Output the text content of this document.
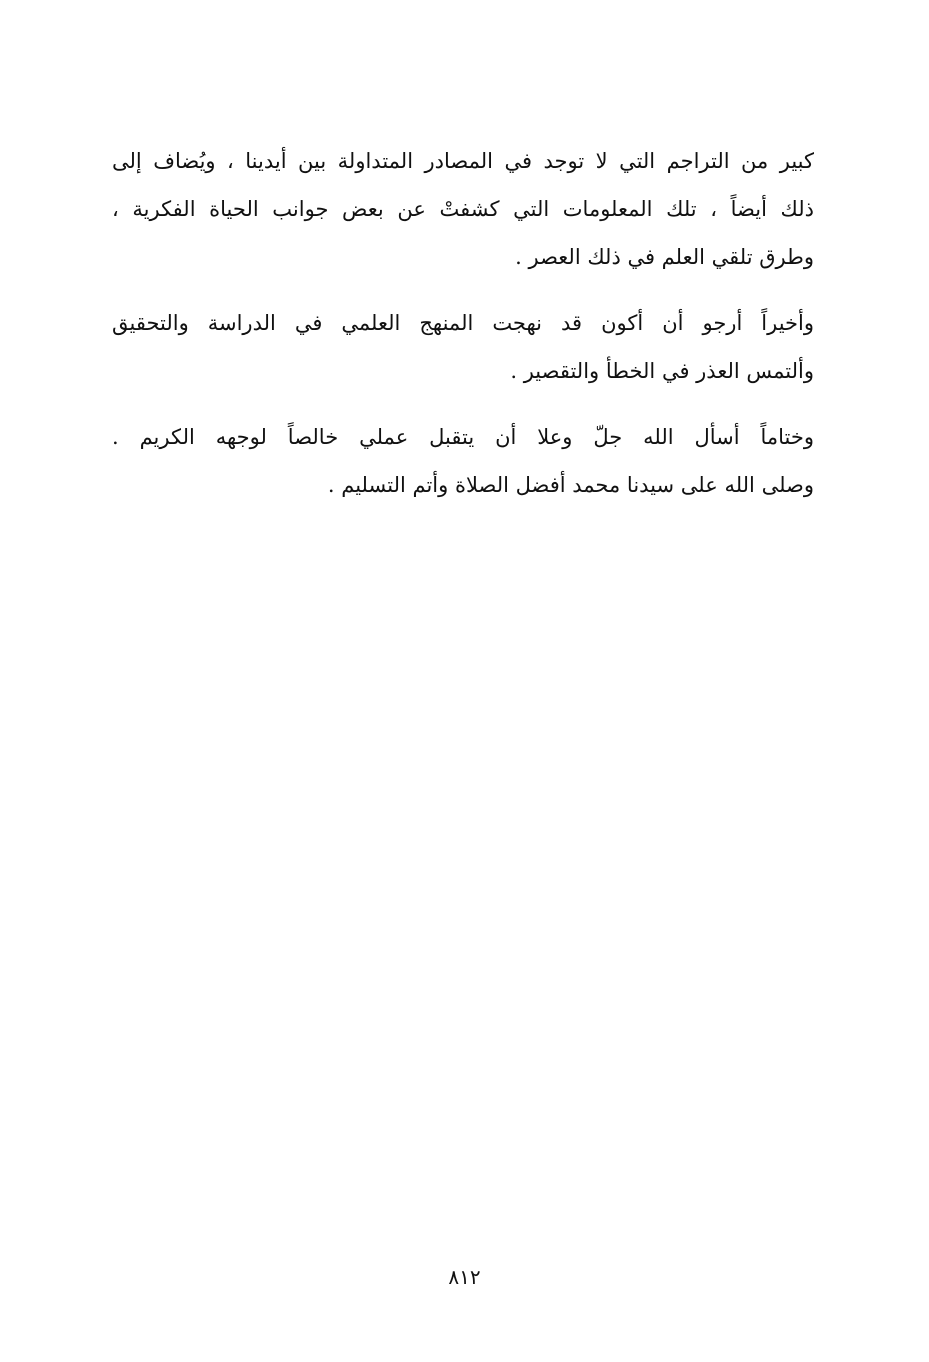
كبير من التراجم التي لا توجد في المصادر المتداولة بين أيدينا ، ويُضاف إلى
ذلك أيضاً ، تلك المعلومات التي كشفتْ عن بعض جوانب الحياة الفكرية ،
وطرق تلقي العلم في ذلك العصر .

وأخيراً أرجو أن أكون قد نهجت المنهج العلمي في الدراسة والتحقيق
وألتمس العذر في الخطأ والتقصير .

وختاماً أسأل الله جلّ وعلا أن يتقبل عملي خالصاً لوجهه الكريم .
وصلى الله على سيدنا محمد أفضل الصلاة وأتم التسليم .

٨١٢
